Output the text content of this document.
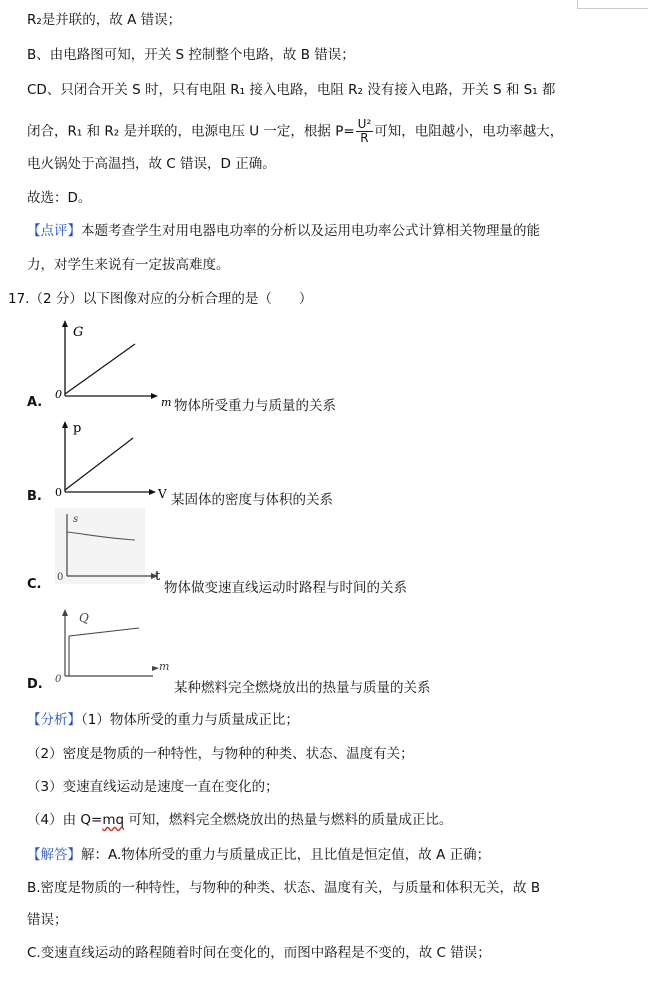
R₂是并联的，故 A 错误；
B、由电路图可知，开关 S 控制整个电路，故 B 错误；
CD、只闭合开关 S 时，只有电阻 R₁ 接入电路，电阻 R₂ 没有接入电路，开关 S 和 S₁ 都
闭合，R₁ 和 R₂ 是并联的，电源电压 U 一定，根据 $P= \frac{\text{U²}}{R}$ 可知，电阻越小，电功率越大，
电火锅处于高温挡，故 C 错误，D 正确。
故选：D。
【点评】本题考查学生对用电器电功率的分析以及运用电功率公式计算相关物理量的能
力，对学生来说有一定拔高难度。
17.（2 分）以下图像对应的分析合理的是（　　）
G
0
m
A.	物体所受重力与质量的关系
p
0	V
B.	某固体的密度与体积的关系
s
0	t
C.	物体做变速直线运动时路程与时间的关系
Q
0
m
D.	某种燃料完全燃烧放出的热量与质量的关系
【分析】（1）物体所受的重力与质量成正比；
（2）密度是物质的一种特性，与物种的种类、状态、温度有关；
（3）变速直线运动是速度一直在变化的；
（4）由 Q=mq 可知，燃料完全燃烧放出的热量与燃料的质量成正比。
【解答】解：A.物体所受的重力与质量成正比，且比值是恒定值，故 A 正确；
B.密度是物质的一种特性，与物种的种类、状态、温度有关，与质量和体积无关，故 B
错误；
C.变速直线运动的路程随着时间在变化的，而图中路程是不变的，故 C 错误；
